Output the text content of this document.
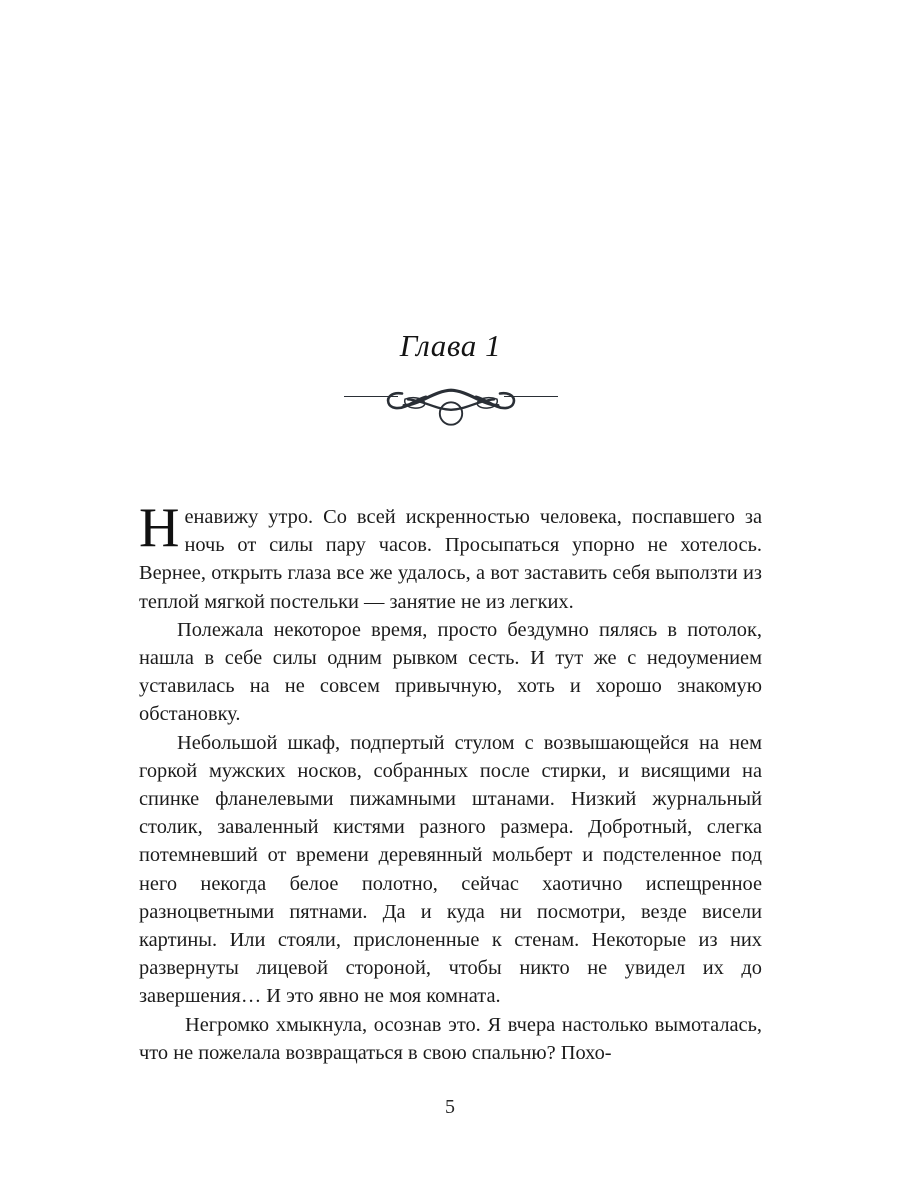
Глава 1

Ненавижу утро. Со всей искренностью человека, поспавшего за ночь от силы пару часов. Просыпаться упорно не хотелось. Вернее, открыть глаза все же удалось, а вот заставить себя выползти из теплой мягкой постельки — занятие не из легких.

Полежала некоторое время, просто бездумно пялясь в потолок, нашла в себе силы одним рывком сесть. И тут же с недоумением уставилась на не совсем привычную, хоть и хорошо знакомую обстановку.

Небольшой шкаф, подпертый стулом с возвышающейся на нем горкой мужских носков, собранных после стирки, и висящими на спинке фланелевыми пижамными штанами. Низкий журнальный столик, заваленный кистями разного размера. Добротный, слегка потемневший от времени деревянный мольберт и подстеленное под него некогда белое полотно, сейчас хаотично испещренное разноцветными пятнами. Да и куда ни посмотри, везде висели картины. Или стояли, прислоненные к стенам. Некоторые из них развернуты лицевой стороной, чтобы никто не увидел их до завершения… И это явно не моя комната.

Негромко хмыкнула, осознав это. Я вчера настолько вымоталась, что не пожелала возвращаться в свою спальню? Похо-

5
